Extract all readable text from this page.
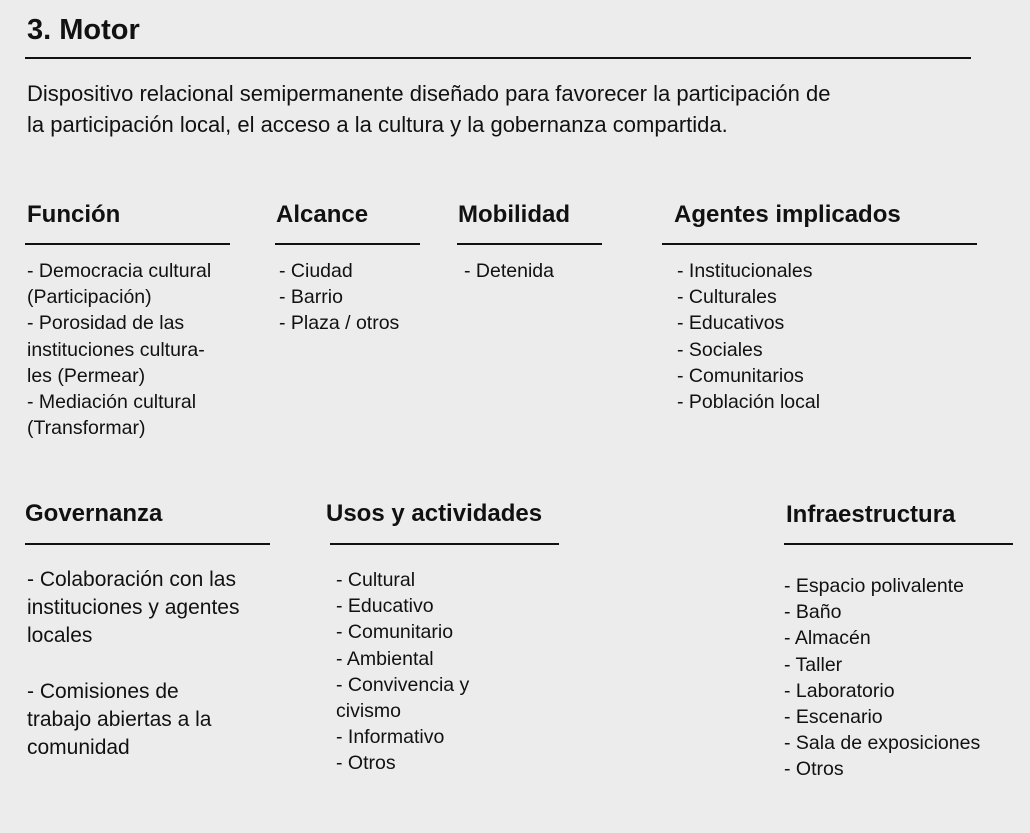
3. Motor
Dispositivo relacional semipermanente diseñado para favorecer la participación de
la participación local, el acceso a la cultura y la gobernanza compartida.
Función
- Democracia cultural
(Participación)
- Porosidad de las
instituciones cultura-
les (Permear)
- Mediación cultural
(Transformar)
Alcance
- Ciudad
- Barrio
- Plaza / otros
Mobilidad
- Detenida
Agentes implicados
- Institucionales
- Culturales
- Educativos
- Sociales
- Comunitarios
- Población local
Governanza
- Colaboración con las
instituciones y agentes
locales
- Comisiones de
trabajo abiertas a la
comunidad
Usos y actividades
- Cultural
- Educativo
- Comunitario
- Ambiental
- Convivencia y
civismo
- Informativo
- Otros
Infraestructura
- Espacio polivalente
- Baño
- Almacén
- Taller
- Laboratorio
- Escenario
- Sala de exposiciones
- Otros
